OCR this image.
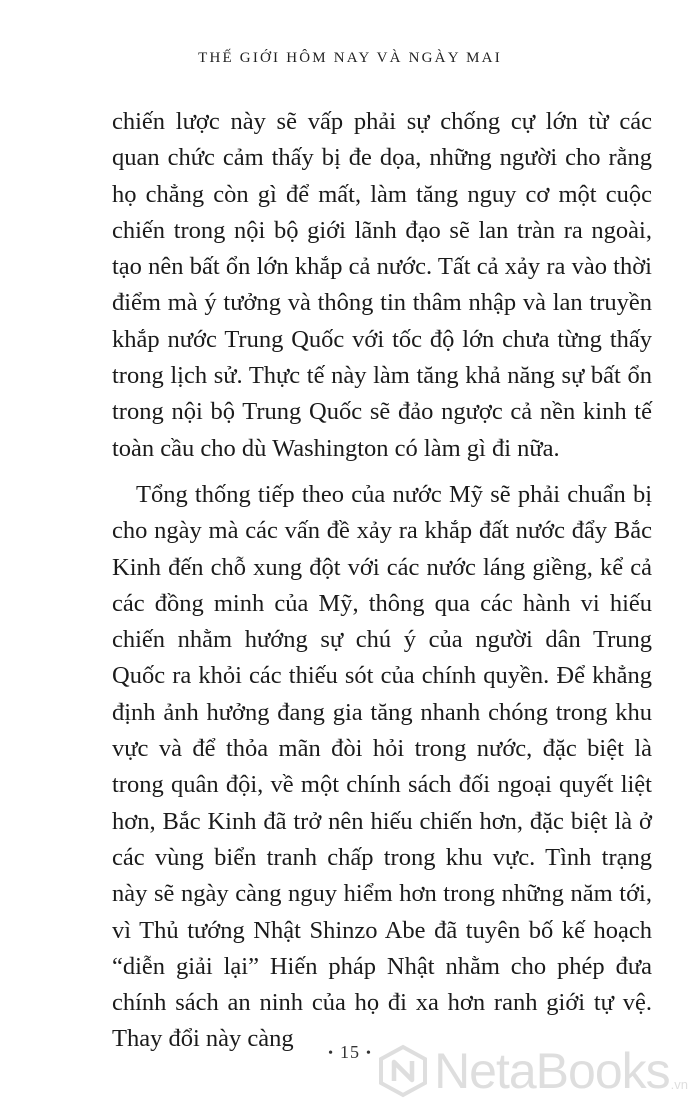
THẾ GIỚI HÔM NAY VÀ NGÀY MAI

chiến lược này sẽ vấp phải sự chống cự lớn từ các quan chức cảm thấy bị đe dọa, những người cho rằng họ chẳng còn gì để mất, làm tăng nguy cơ một cuộc chiến trong nội bộ giới lãnh đạo sẽ lan tràn ra ngoài, tạo nên bất ổn lớn khắp cả nước. Tất cả xảy ra vào thời điểm mà ý tưởng và thông tin thâm nhập và lan truyền khắp nước Trung Quốc với tốc độ lớn chưa từng thấy trong lịch sử. Thực tế này làm tăng khả năng sự bất ổn trong nội bộ Trung Quốc sẽ đảo ngược cả nền kinh tế toàn cầu cho dù Washington có làm gì đi nữa.

Tổng thống tiếp theo của nước Mỹ sẽ phải chuẩn bị cho ngày mà các vấn đề xảy ra khắp đất nước đẩy Bắc Kinh đến chỗ xung đột với các nước láng giềng, kể cả các đồng minh của Mỹ, thông qua các hành vi hiếu chiến nhằm hướng sự chú ý của người dân Trung Quốc ra khỏi các thiếu sót của chính quyền. Để khẳng định ảnh hưởng đang gia tăng nhanh chóng trong khu vực và để thỏa mãn đòi hỏi trong nước, đặc biệt là trong quân đội, về một chính sách đối ngoại quyết liệt hơn, Bắc Kinh đã trở nên hiếu chiến hơn, đặc biệt là ở các vùng biển tranh chấp trong khu vực. Tình trạng này sẽ ngày càng nguy hiểm hơn trong những năm tới, vì Thủ tướng Nhật Shinzo Abe đã tuyên bố kế hoạch “diễn giải lại” Hiến pháp Nhật nhằm cho phép đưa chính sách an ninh của họ đi xa hơn ranh giới tự vệ. Thay đổi này càng

• 15 •	NetaBooks .vn
